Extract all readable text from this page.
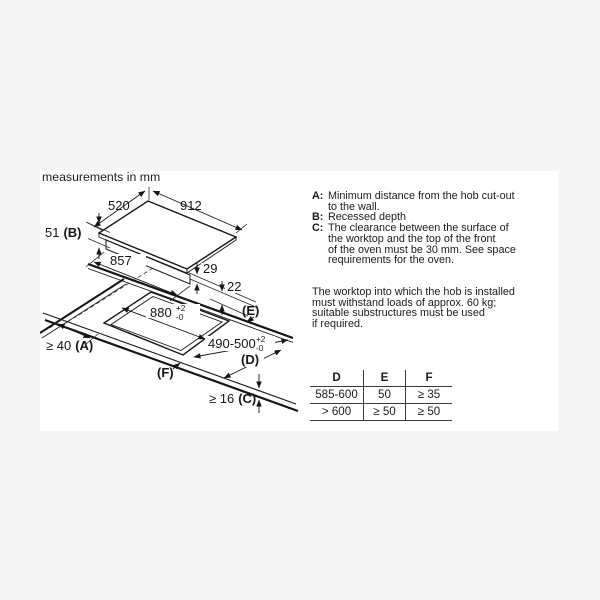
measurements in mm
520	912
51 (B)
857
29
22
880 +2
-0
490-500 +2
-0
≥ 40 (A)
(E)
(D)
(F)
≥ 16 (C)
A: Minimum distance from the hob cut-out
to the wall.
B: Recessed depth
C: The clearance between the surface of
the worktop and the top of the front
of the oven must be 30 mm. See space
requirements for the oven.
The worktop into which the hob is installed
must withstand loads of approx. 60 kg;
suitable substructures must be used
if required.
D	E	F
585-600	50	≥ 35
> 600	≥ 50	≥ 50
